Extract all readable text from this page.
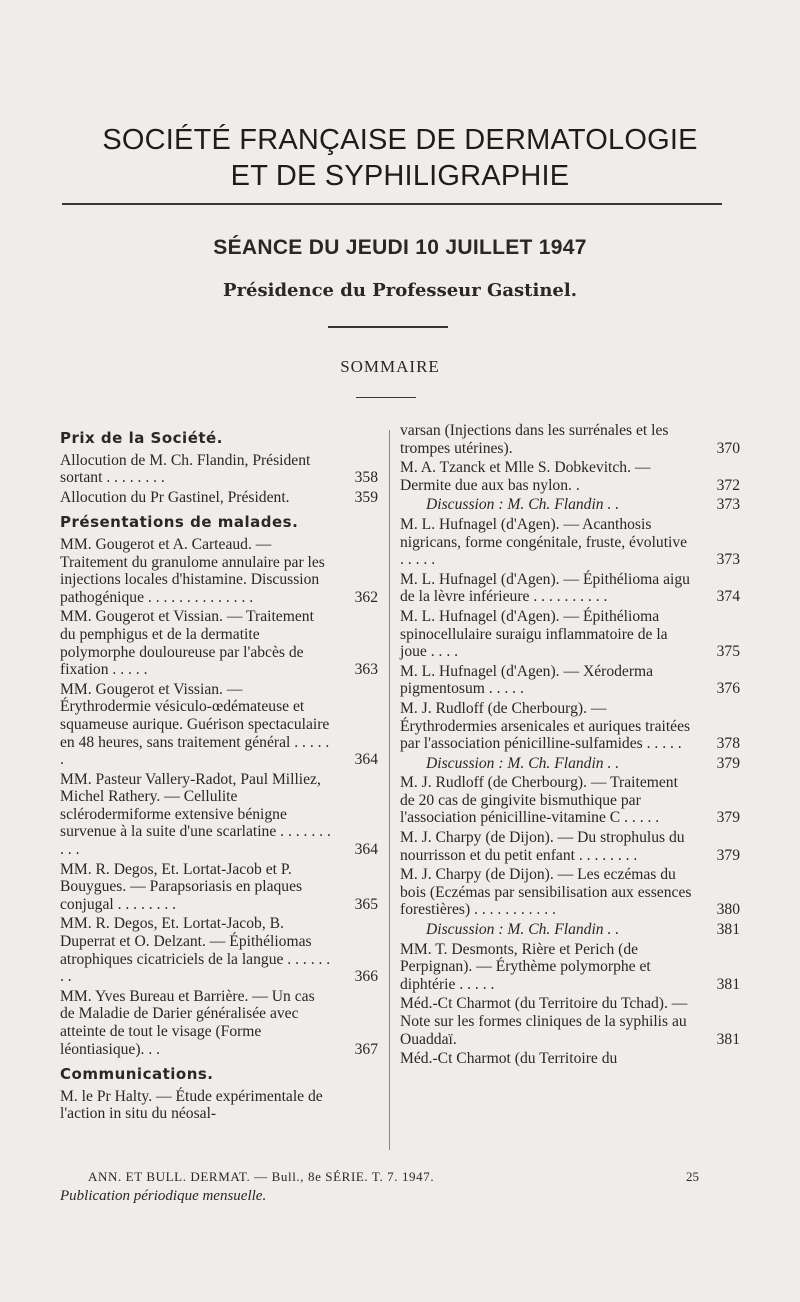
SOCIÉTÉ FRANÇAISE DE DERMATOLOGIE
ET DE SYPHILIGRAPHIE
SÉANCE DU JEUDI 10 JUILLET 1947
Présidence du Professeur Gastinel.
SOMMAIRE
Prix de la Société.
Allocution de M. Ch. Flandin, Président sortant . . . . . . . .	358
Allocution du Pr Gastinel, Président.	359
Présentations de malades.
MM. Gougerot et A. Carteaud. — Traitement du granulome annulaire par les injections locales d'histamine. Discussion pathogénique . . . . . . . . . . . . . .	362
MM. Gougerot et Vissian. — Traitement du pemphigus et de la dermatite polymorphe douloureuse par l'abcès de fixation . . . . .	363
MM. Gougerot et Vissian. — Érythrodermie vésiculo-œdémateuse et squameuse aurique. Guérison spectaculaire en 48 heures, sans traitement général . . . . . .	364
MM. Pasteur Vallery-Radot, Paul Milliez, Michel Rathery. — Cellulite sclérodermiforme extensive bénigne survenue à la suite d'une scarlatine . . . . . . . . . .	364
MM. R. Degos, Et. Lortat-Jacob et P. Bouygues. — Parapsoriasis en plaques conjugal . . . . . . . .	365
MM. R. Degos, Et. Lortat-Jacob, B. Duperrat et O. Delzant. — Épithéliomas atrophiques cicatriciels de la langue . . . . . . . .	366
MM. Yves Bureau et Barrière. — Un cas de Maladie de Darier généralisée avec atteinte de tout le visage (Forme léontiasique). . .	367
Communications.
M. le Pr Halty. — Étude expérimentale de l'action in situ du néosal-
varsan (Injections dans les surrénales et les trompes utérines).	370
M. A. Tzanck et Mlle S. Dobkevitch. — Dermite due aux bas nylon. .	372
Discussion : M. Ch. Flandin . .	373
M. L. Hufnagel (d'Agen). — Acanthosis nigricans, forme congénitale, fruste, évolutive . . . . .	373
M. L. Hufnagel (d'Agen). — Épithélioma aigu de la lèvre inférieure . . . . . . . . . .	374
M. L. Hufnagel (d'Agen). — Épithélioma spinocellulaire suraigu inflammatoire de la joue . . . .	375
M. L. Hufnagel (d'Agen). — Xéroderma pigmentosum . . . . .	376
M. J. Rudloff (de Cherbourg). — Érythrodermies arsenicales et auriques traitées par l'association pénicilline-sulfamides . . . . .	378
Discussion : M. Ch. Flandin . .	379
M. J. Rudloff (de Cherbourg). — Traitement de 20 cas de gingivite bismuthique par l'association pénicilline-vitamine C . . . . .	379
M. J. Charpy (de Dijon). — Du strophulus du nourrisson et du petit enfant . . . . . . . .	379
M. J. Charpy (de Dijon). — Les eczémas du bois (Eczémas par sensibilisation aux essences forestières) . . . . . . . . . . .	380
Discussion : M. Ch. Flandin . .	381
MM. T. Desmonts, Rière et Perich (de Perpignan). — Érythème polymorphe et diphtérie . . . . .	381
Méd.-Ct Charmot (du Territoire du Tchad). — Note sur les formes cliniques de la syphilis au Ouaddaï.	381
Méd.-Ct Charmot (du Territoire du
ANN. ET BULL. DERMAT. — Bull., 8e SÉRIE. T. 7. 1947.	25
Publication périodique mensuelle.
